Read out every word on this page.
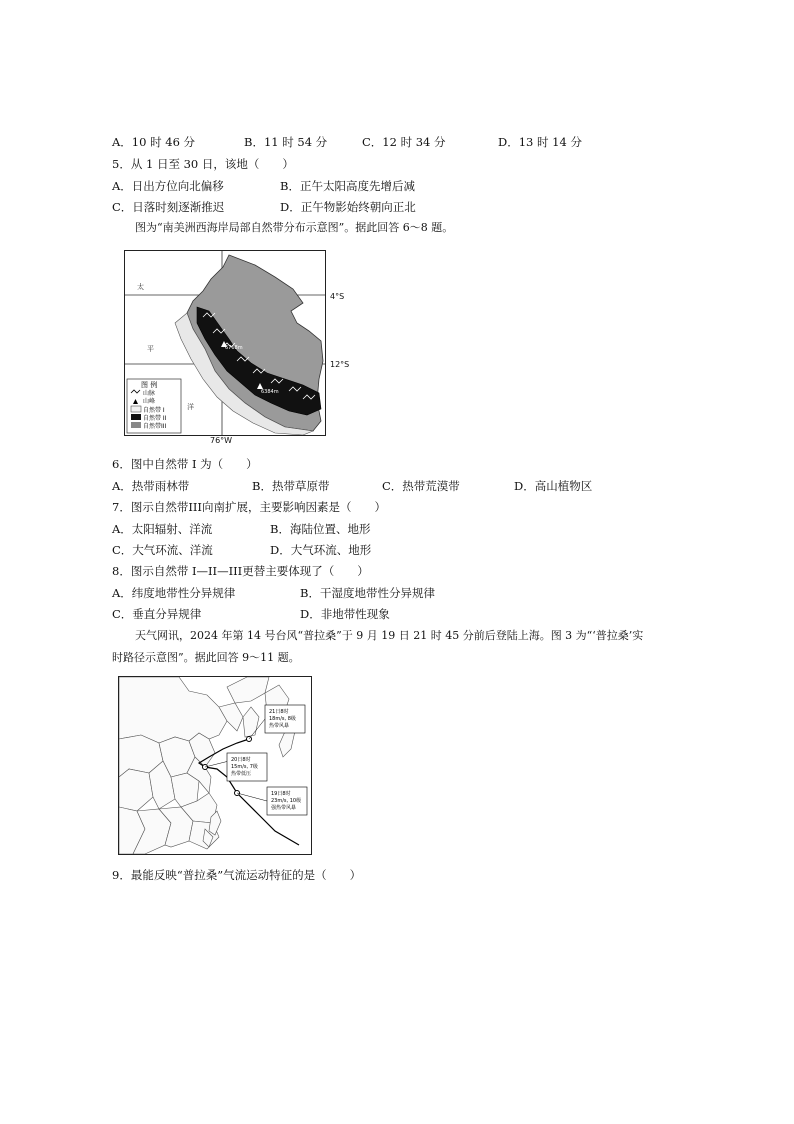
A．10 时 46 分	B．11 时 54 分	C．12 时 34 分	D．13 时 14 分
5．从 1 日至 30 日，该地（　　）
A．日出方位向北偏移	B．正午太阳高度先增后减
C．日落时刻逐渐推迟	D．正午物影始终朝向正北
图为“南美洲西海岸局部自然带分布示意图”。据此回答 6～8 题。
6768m
6384m
太
平
洋
图 例
山脉
山峰
自然带 I
自然带 II
自然带III
4°S
12°S
76°W
6．图中自然带 I 为（　　）
A．热带雨林带	B．热带草原带	C．热带荒漠带	D．高山植物区
7．图示自然带III向南扩展，主要影响因素是（　　）
A．太阳辐射、洋流	B．海陆位置、地形
C．大气环流、洋流	D．大气环流、地形
8．图示自然带 I—II—III更替主要体现了（　　）
A．纬度地带性分异规律	B．干湿度地带性分异规律
C．垂直分异规律	D．非地带性现象
天气网讯，2024 年第 14 号台风“普拉桑”于 9 月 19 日 21 时 45 分前后登陆上海。图 3 为“‘普拉桑’实
时路径示意图”。据此回答 9～11 题。
21日8时
18m/s, 8级
热带风暴
20日8时
15m/s, 7级
热带低压
19日8时
23m/s, 10级
强热带风暴
9．最能反映“普拉桑”气流运动特征的是（　　）
